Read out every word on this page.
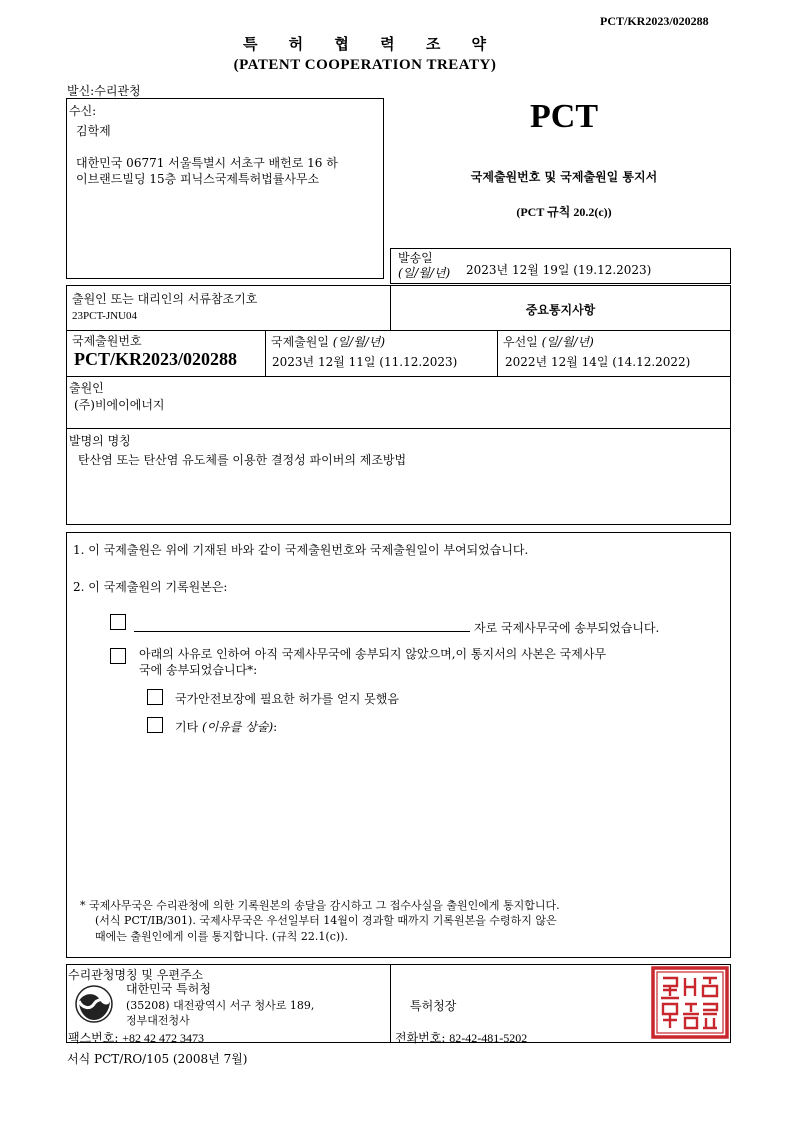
PCT/KR2023/020288
특 허 협 력 조 약
(PATENT COOPERATION TREATY)
발신:수리관청
수신:
김학제
대한민국 06771 서울특별시 서초구 배헌로 16 하
이브랜드빌딩 15층 피닉스국제특허법률사무소
PCT
국제출원번호 및 국제출원일 통지서
(PCT 규칙 20.2(c))
발송일
(일/월/년) 2023년 12월 19일 (19.12.2023)
출원인 또는 대리인의 서류참조기호
23PCT-JNU04	중요통지사항
국제출원번호
PCT/KR2023/020288
국제출원일 (일/월/년)
2023년 12월 11일 (11.12.2023)
우선일 (일/월/년)
2022년 12월 14일 (14.12.2022)
출원인
(주)비에이에너지
발명의 명칭
탄산염 또는 탄산염 유도체를 이용한 결정성 파이버의 제조방법
1. 이 국제출원은 위에 기재된 바와 같이 국제출원번호와 국제출원일이 부여되었습니다.
2. 이 국제출원의 기록원본은:
자로 국제사무국에 송부되었습니다.
아래의 사유로 인하여 아직 국제사무국에 송부되지 않았으며,이 통지서의 사본은 국제사무
국에 송부되었습니다*:
국가안전보장에 필요한 허가를 얻지 못했음
기타 (이유를 상술):
* 국제사무국은 수리관청에 의한 기록원본의 송달을 감시하고 그 접수사실을 출원인에게 통지합니다.
(서식 PCT/IB/301). 국제사무국은 우선일부터 14월이 경과할 때까지 기록원본을 수령하지 않은
때에는 출원인에게 이를 통지합니다. (규칙 22.1(c)).
수리관청명칭 및 우편주소
대한민국 특허청
(35208) 대전광역시 서구 청사로 189,
정부대전청사
팩스번호: +82 42 472 3473
특허청장
전화번호: 82-42-481-5202
서식 PCT/RO/105 (2008년 7월)
